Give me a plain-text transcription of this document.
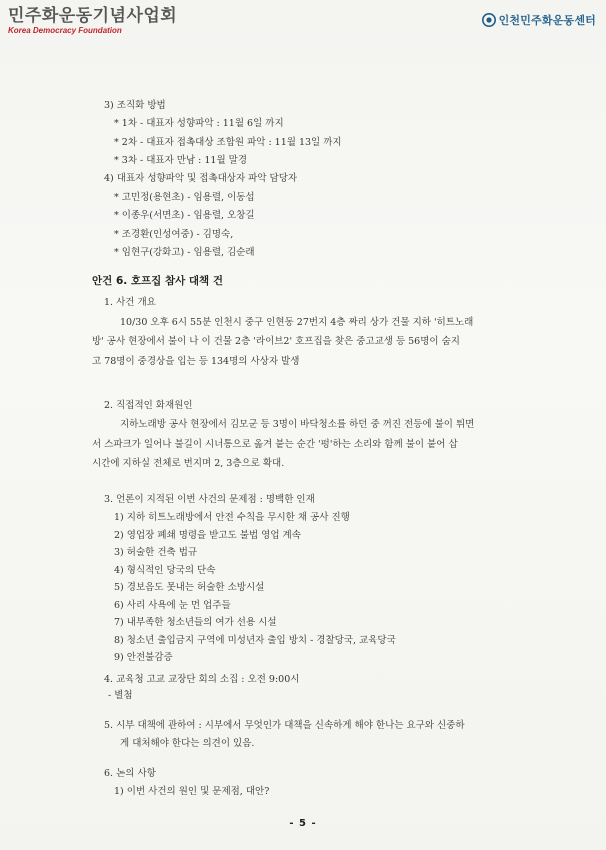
민주화운동기념사업회
Korea Democracy Foundation
인천민주화운동센터
3) 조직화 방법
* 1차 - 대표자 성향파악 : 11월 6일 까지
* 2차 - 대표자 접촉대상 조합원 파악 : 11월 13일 까지
* 3차 - 대표자 만남 : 11월 말경
4) 대표자 성향파악 및 접촉대상자 파악 담당자
* 고민정(용현초) - 임용렬, 이동섭
* 이종우(서면초) - 임용렬, 오창길
* 조경환(인성여중) - 김명숙,
* 임현구(강화고) - 임용렬, 김순래
안건 6. 호프집 참사 대책 건
1. 사건 개요
10/30 오후 6시 55분 인천시 중구 인현동 27번지 4층 짜리 상가 건물 지하 '히트노래
방' 공사 현장에서 불이 나 이 건물 2층 '라이브2' 호프집을 찾은 중고교생 등 56명이 숨지
고 78명이 중경상을 입는 등 134명의 사상자 발생
2. 직접적인 화재원인
지하노래방 공사 현장에서 김모군 등 3명이 바닥청소를 하던 중 꺼진 전등에 불이 튀면
서 스파크가 일어나 불길이 시너통으로 옮겨 붙는 순간 '펑'하는 소리와 함께 불이 붙어 삽
시간에 지하실 전체로 번지며 2, 3층으로 확대.
3. 언론이 지적된 이번 사건의 문제점 : 명백한 인재
1) 지하 히트노래방에서 안전 수칙을 무시한 채 공사 진행
2) 영업장 폐쇄 명령을 받고도 불법 영업 계속
3) 허술한 건축 법규
4) 형식적인 당국의 단속
5) 경보음도 못내는 허술한 소방시설
6) 사리 사욕에 눈 먼 업주들
7) 내부족한 청소년들의 여가 선용 시설
8) 청소년 출입금지 구역에 미성년자 출입 방치 - 경찰당국, 교육당국
9) 안전불감증
4. 교육청 고교 교장단 회의 소집 : 오전 9:00시
- 별첨
5. 시부 대책에 관하여 : 시부에서 무엇인가 대책을 신속하게 해야 한나는 요구와 신중하
게 대처해야 한다는 의견이 있음.
6. 논의 사항
1) 이번 사건의 원인 및 문제점, 대안?
- 5 -
